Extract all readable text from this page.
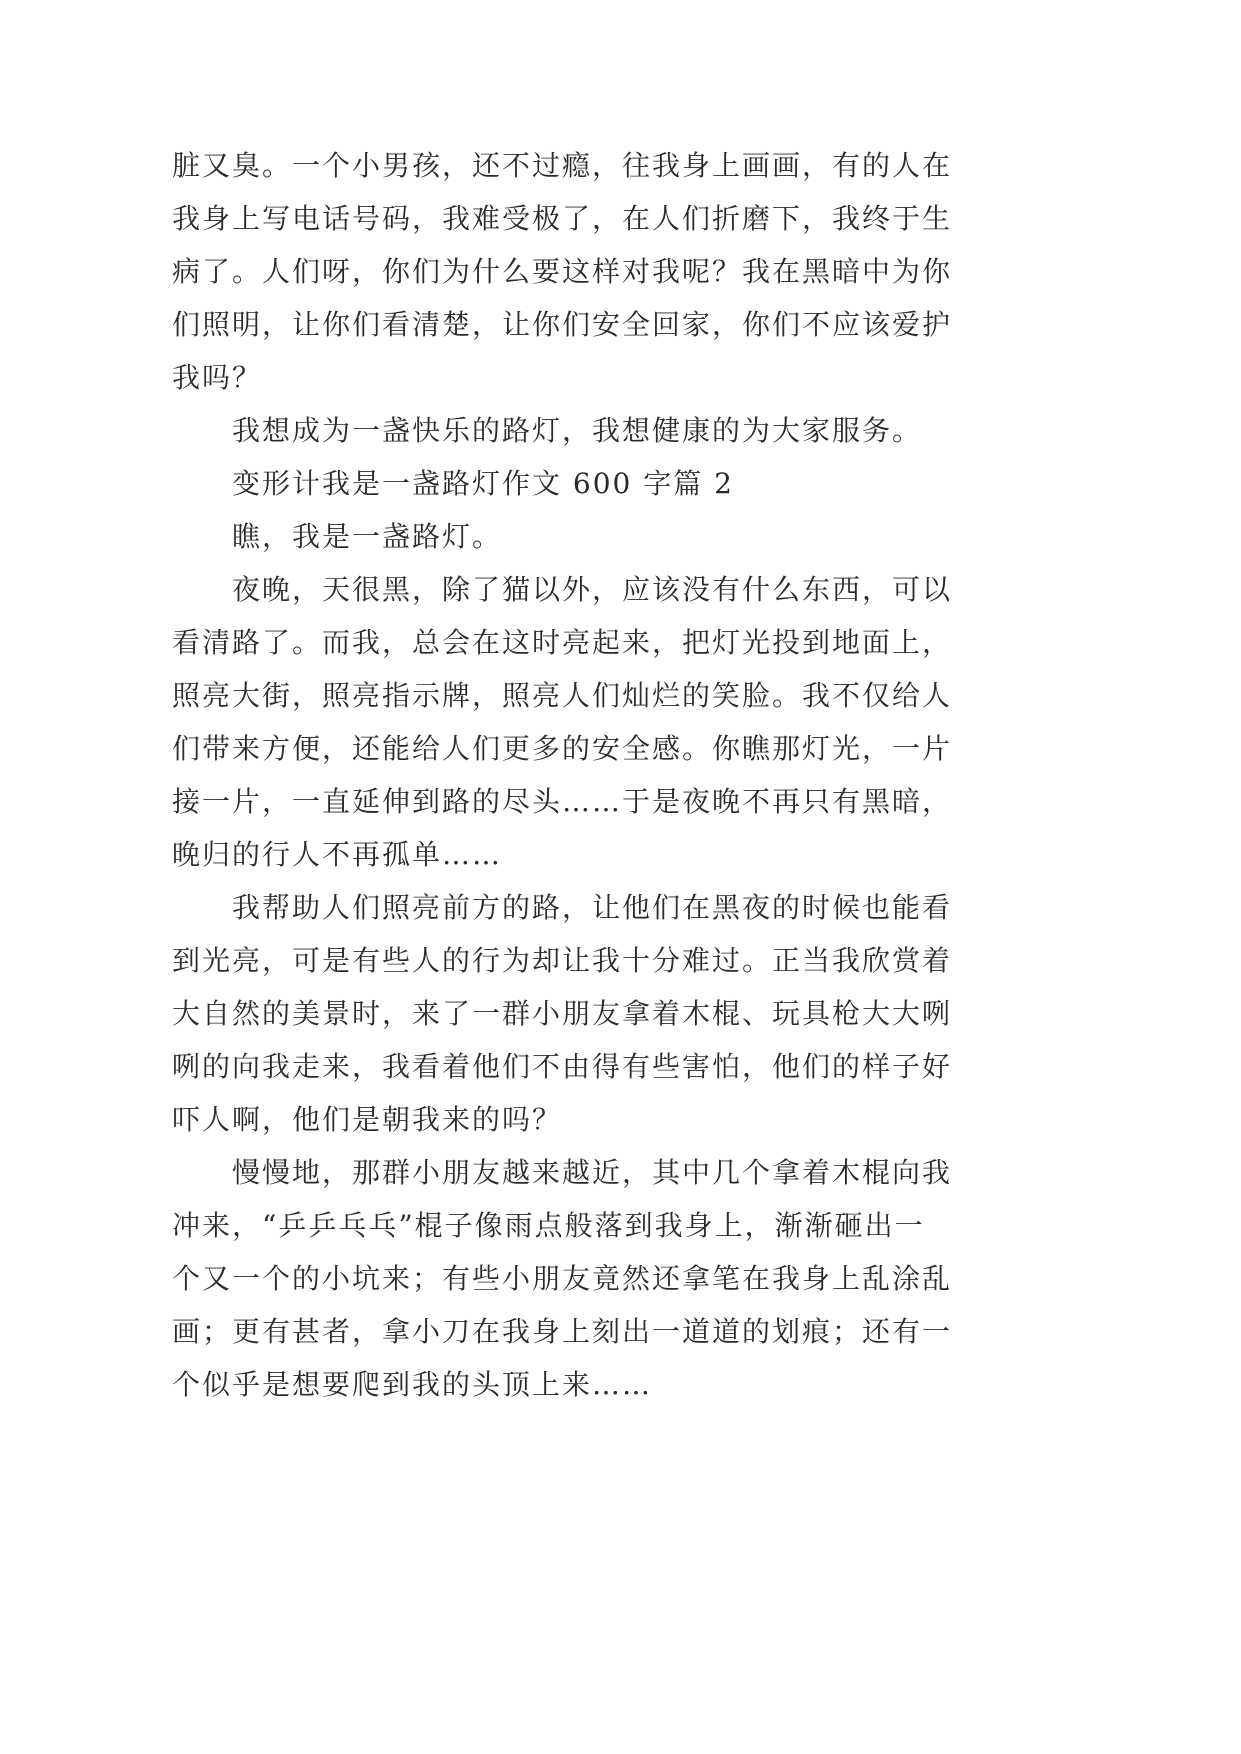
脏又臭。一个小男孩，还不过瘾，往我身上画画，有的人在
我身上写电话号码，我难受极了，在人们折磨下，我终于生
病了。人们呀，你们为什么要这样对我呢？我在黑暗中为你
们照明，让你们看清楚，让你们安全回家，你们不应该爱护
我吗？
我想成为一盏快乐的路灯，我想健康的为大家服务。
变形计我是一盏路灯作文 600 字篇 2
瞧，我是一盏路灯。
夜晚，天很黑，除了猫以外，应该没有什么东西，可以
看清路了。而我，总会在这时亮起来，把灯光投到地面上，
照亮大街，照亮指示牌，照亮人们灿烂的笑脸。我不仅给人
们带来方便，还能给人们更多的安全感。你瞧那灯光，一片
接一片，一直延伸到路的尽头……于是夜晚不再只有黑暗，
晚归的行人不再孤单……
我帮助人们照亮前方的路，让他们在黑夜的时候也能看
到光亮，可是有些人的行为却让我十分难过。正当我欣赏着
大自然的美景时，来了一群小朋友拿着木棍、玩具枪大大咧
咧的向我走来，我看着他们不由得有些害怕，他们的样子好
吓人啊，他们是朝我来的吗？
慢慢地，那群小朋友越来越近，其中几个拿着木棍向我
冲来，“乒乒乓乓”棍子像雨点般落到我身上，渐渐砸出一
个又一个的小坑来；有些小朋友竟然还拿笔在我身上乱涂乱
画；更有甚者，拿小刀在我身上刻出一道道的划痕；还有一
个似乎是想要爬到我的头顶上来……
